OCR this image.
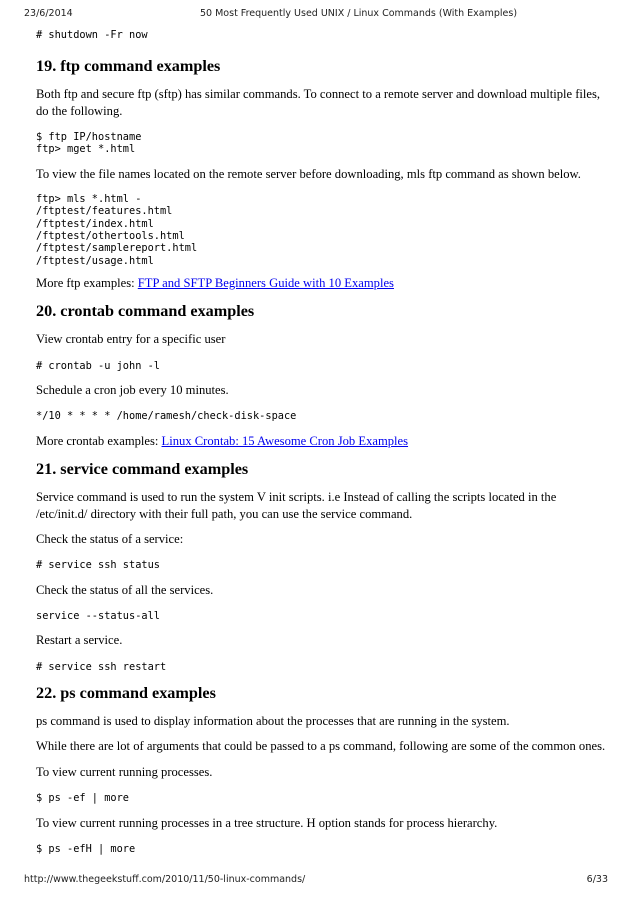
23/6/2014	50 Most Frequently Used UNIX / Linux Commands (With Examples)
# shutdown -Fr now
19. ftp command examples

Both ftp and secure ftp (sftp) has similar commands. To connect to a remote server and download multiple files, do the following.

$ ftp IP/hostname
ftp> mget *.html

To view the file names located on the remote server before downloading, mls ftp command as shown below.

ftp> mls *.html -
/ftptest/features.html
/ftptest/index.html
/ftptest/othertools.html
/ftptest/samplereport.html
/ftptest/usage.html

More ftp examples: FTP and SFTP Beginners Guide with 10 Examples

20. crontab command examples

View crontab entry for a specific user

# crontab -u john -l

Schedule a cron job every 10 minutes.

*/10 * * * * /home/ramesh/check-disk-space

More crontab examples: Linux Crontab: 15 Awesome Cron Job Examples

21. service command examples

Service command is used to run the system V init scripts. i.e Instead of calling the scripts located in the /etc/init.d/ directory with their full path, you can use the service command.

Check the status of a service:

# service ssh status

Check the status of all the services.

service --status-all

Restart a service.

# service ssh restart
22. ps command examples

ps command is used to display information about the processes that are running in the system.

While there are lot of arguments that could be passed to a ps command, following are some of the common ones.

To view current running processes.

$ ps -ef | more

To view current running processes in a tree structure. H option stands for process hierarchy.

$ ps -efH | more
http://www.thegeekstuff.com/2010/11/50-linux-commands/	6/33
